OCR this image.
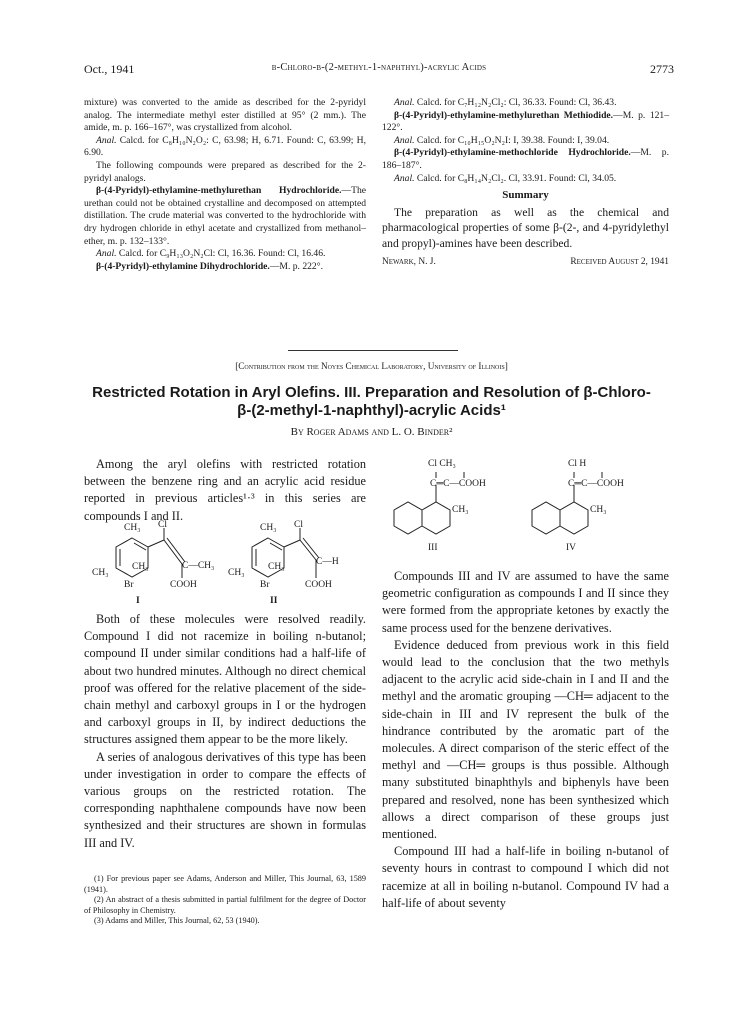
Oct., 1941	β-Chloro-β-(2-methyl-1-naphthyl)-acrylic Acids	2773

mixture) was converted to the amide as described for the 2-pyridyl analog. The intermediate methyl ester distilled at 95° (2 mm.). The amide, m. p. 166–167°, was crystallized from alcohol.

Anal. Calcd. for C₈H₁₀N₂O₂: C, 63.98; H, 6.71. Found: C, 63.99; H, 6.90.

The following compounds were prepared as described for the 2-pyridyl analogs.

β-(4-Pyridyl)-ethylamine-methylurethan Hydrochloride.—The urethan could not be obtained crystalline and decomposed on attempted distillation. The crude material was converted to the hydrochloride with dry hydrogen chloride in ethyl acetate and crystallized from methanol–ether, m. p. 132–133°.

Anal. Calcd. for C₉H₁₃O₂N₂Cl: Cl, 16.36. Found: Cl, 16.46.

β-(4-Pyridyl)-ethylamine Dihydrochloride.—M. p. 222°.

Anal. Calcd. for C₇H₁₂N₂Cl₂: Cl, 36.33. Found: Cl, 36.43.

β-(4-Pyridyl)-ethylamine-methylurethan Methiodide.—M. p. 121–122°.

Anal. Calcd. for C₁₀H₁₅O₂N₂I: I, 39.38. Found: I, 39.04.

β-(4-Pyridyl)-ethylamine-methochloride Hydrochloride.—M. p. 186–187°.

Anal. Calcd. for C₈H₁₄N₂Cl₂. Cl, 33.91. Found: Cl, 34.05.

Summary

The preparation as well as the chemical and pharmacological properties of some β-(2-, and 4-pyridylethyl and propyl)-amines have been described.

Newark, N. J.	Received August 2, 1941
[Contribution from the Noyes Chemical Laboratory, University of Illinois]
Restricted Rotation in Aryl Olefins. III. Preparation and Resolution of β-Chloro-
β-(2-methyl-1-naphthyl)-acrylic Acids¹
By Roger Adams and L. O. Binder²

Among the aryl olefins with restricted rotation between the benzene ring and an acrylic acid residue reported in previous articles¹·³ in this series are compounds I and II.

CH₃ Cl
C—CH₃
CH₃
CH₃
Br	COOH
I
CH₃ Cl
C—H
CH₃
CH₃
Br	COOH
II

Both of these molecules were resolved readily. Compound I did not racemize in boiling n-butanol; compound II under similar conditions had a half-life of about two hundred minutes. Although no direct chemical proof was offered for the relative placement of the side-chain methyl and carboxyl groups in I or the hydrogen and carboxyl groups in II, by indirect deductions the structures assigned them appear to be the more likely.

A series of analogous derivatives of this type has been under investigation in order to compare the effects of various groups on the restricted rotation. The corresponding naphthalene compounds have now been synthesized and their structures are shown in formulas III and IV.

(1) For previous paper see Adams, Anderson and Miller, This Journal, 63, 1589 (1941).

(2) An abstract of a thesis submitted in partial fulfilment for the degree of Doctor of Philosophy in Chemistry.

(3) Adams and Miller, This Journal, 62, 53 (1940).

Cl CH₃
C═C—COOH
CH₃
III
Cl H
C═C—COOH
CH₃
IV

Compounds III and IV are assumed to have the same geometric configuration as compounds I and II since they were formed from the appropriate ketones by exactly the same process used for the benzene derivatives.

Evidence deduced from previous work in this field would lead to the conclusion that the two methyls adjacent to the acrylic acid side-chain in I and II and the methyl and the aromatic grouping —CH═ adjacent to the side-chain in III and IV represent the bulk of the hindrance contributed by the aromatic part of the molecules. A direct comparison of the steric effect of the methyl and —CH═ groups is thus possible. Although many substituted binaphthyls and biphenyls have been prepared and resolved, none has been synthesized which allows a direct comparison of these groups just mentioned.

Compound III had a half-life in boiling n-butanol of seventy hours in contrast to compound I which did not racemize at all in boiling n-butanol. Compound IV had a half-life of about seventy
